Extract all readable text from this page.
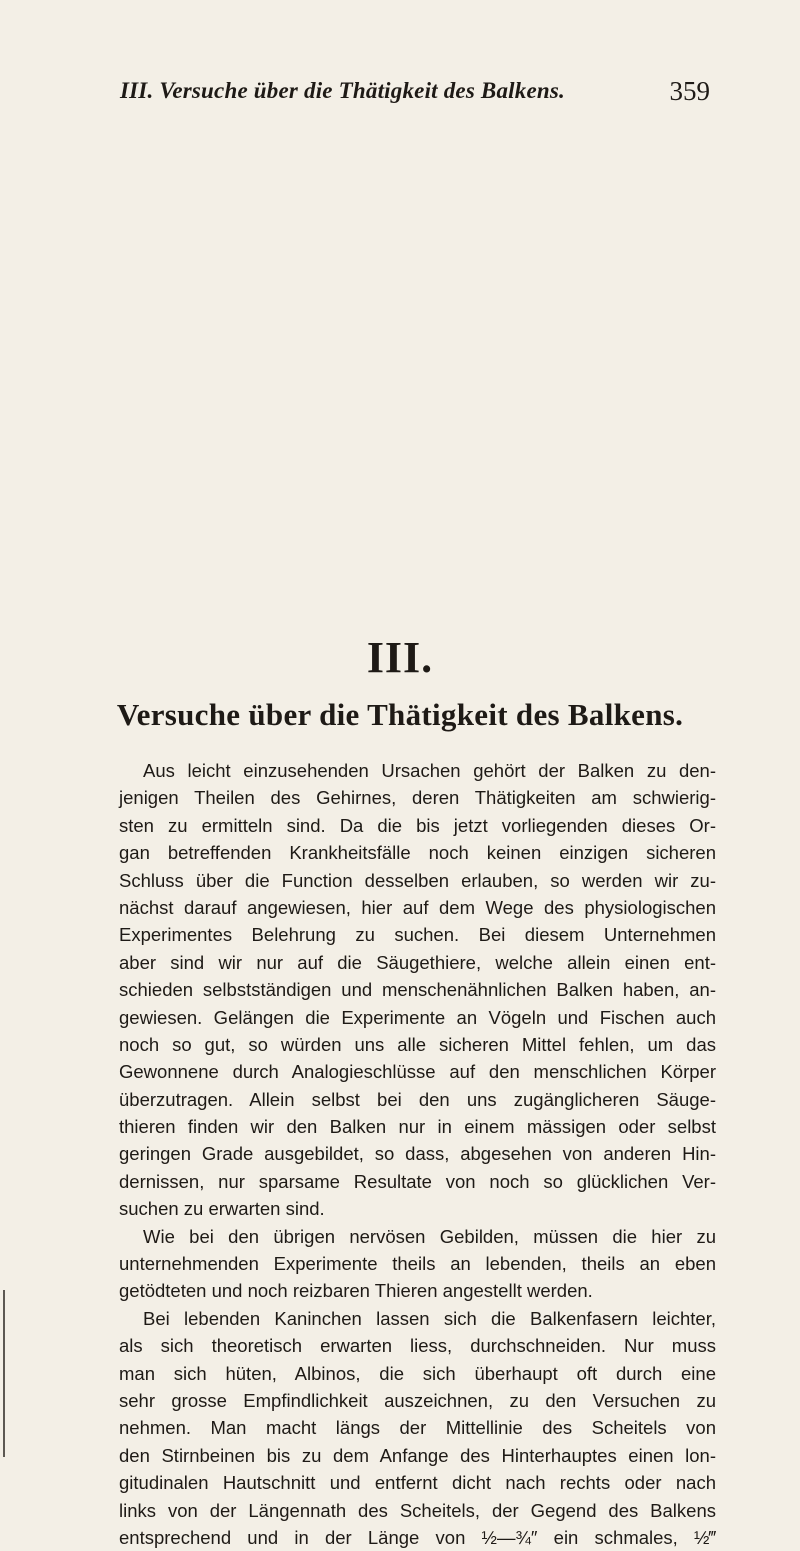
III. Versuche über die Thätigkeit des Balkens.	359
III.
Versuche über die Thätigkeit des Balkens.
Aus leicht einzusehenden Ursachen gehört der Balken zu den-
jenigen Theilen des Gehirnes, deren Thätigkeiten am schwierig-
sten zu ermitteln sind. Da die bis jetzt vorliegenden dieses Or-
gan betreffenden Krankheitsfälle noch keinen einzigen sicheren
Schluss über die Function desselben erlauben, so werden wir zu-
nächst darauf angewiesen, hier auf dem Wege des physiologischen
Experimentes Belehrung zu suchen. Bei diesem Unternehmen
aber sind wir nur auf die Säugethiere, welche allein einen ent-
schieden selbstständigen und menschenähnlichen Balken haben, an-
gewiesen. Gelängen die Experimente an Vögeln und Fischen auch
noch so gut, so würden uns alle sicheren Mittel fehlen, um das
Gewonnene durch Analogieschlüsse auf den menschlichen Körper
überzutragen. Allein selbst bei den uns zugänglicheren Säuge-
thieren finden wir den Balken nur in einem mässigen oder selbst
geringen Grade ausgebildet, so dass, abgesehen von anderen Hin-
dernissen, nur sparsame Resultate von noch so glücklichen Ver-
suchen zu erwarten sind.
Wie bei den übrigen nervösen Gebilden, müssen die hier zu
unternehmenden Experimente theils an lebenden, theils an eben
getödteten und noch reizbaren Thieren angestellt werden.
Bei lebenden Kaninchen lassen sich die Balkenfasern leichter,
als sich theoretisch erwarten liess, durchschneiden. Nur muss
man sich hüten, Albinos, die sich überhaupt oft durch eine
sehr grosse Empfindlichkeit auszeichnen, zu den Versuchen zu
nehmen. Man macht längs der Mittellinie des Scheitels von
den Stirnbeinen bis zu dem Anfange des Hinterhauptes einen lon-
gitudinalen Hautschnitt und entfernt dicht nach rechts oder nach
links von der Längennath des Scheitels, der Gegend des Balkens
entsprechend und in der Länge von ½—¾″ ein schmales, ½‴
